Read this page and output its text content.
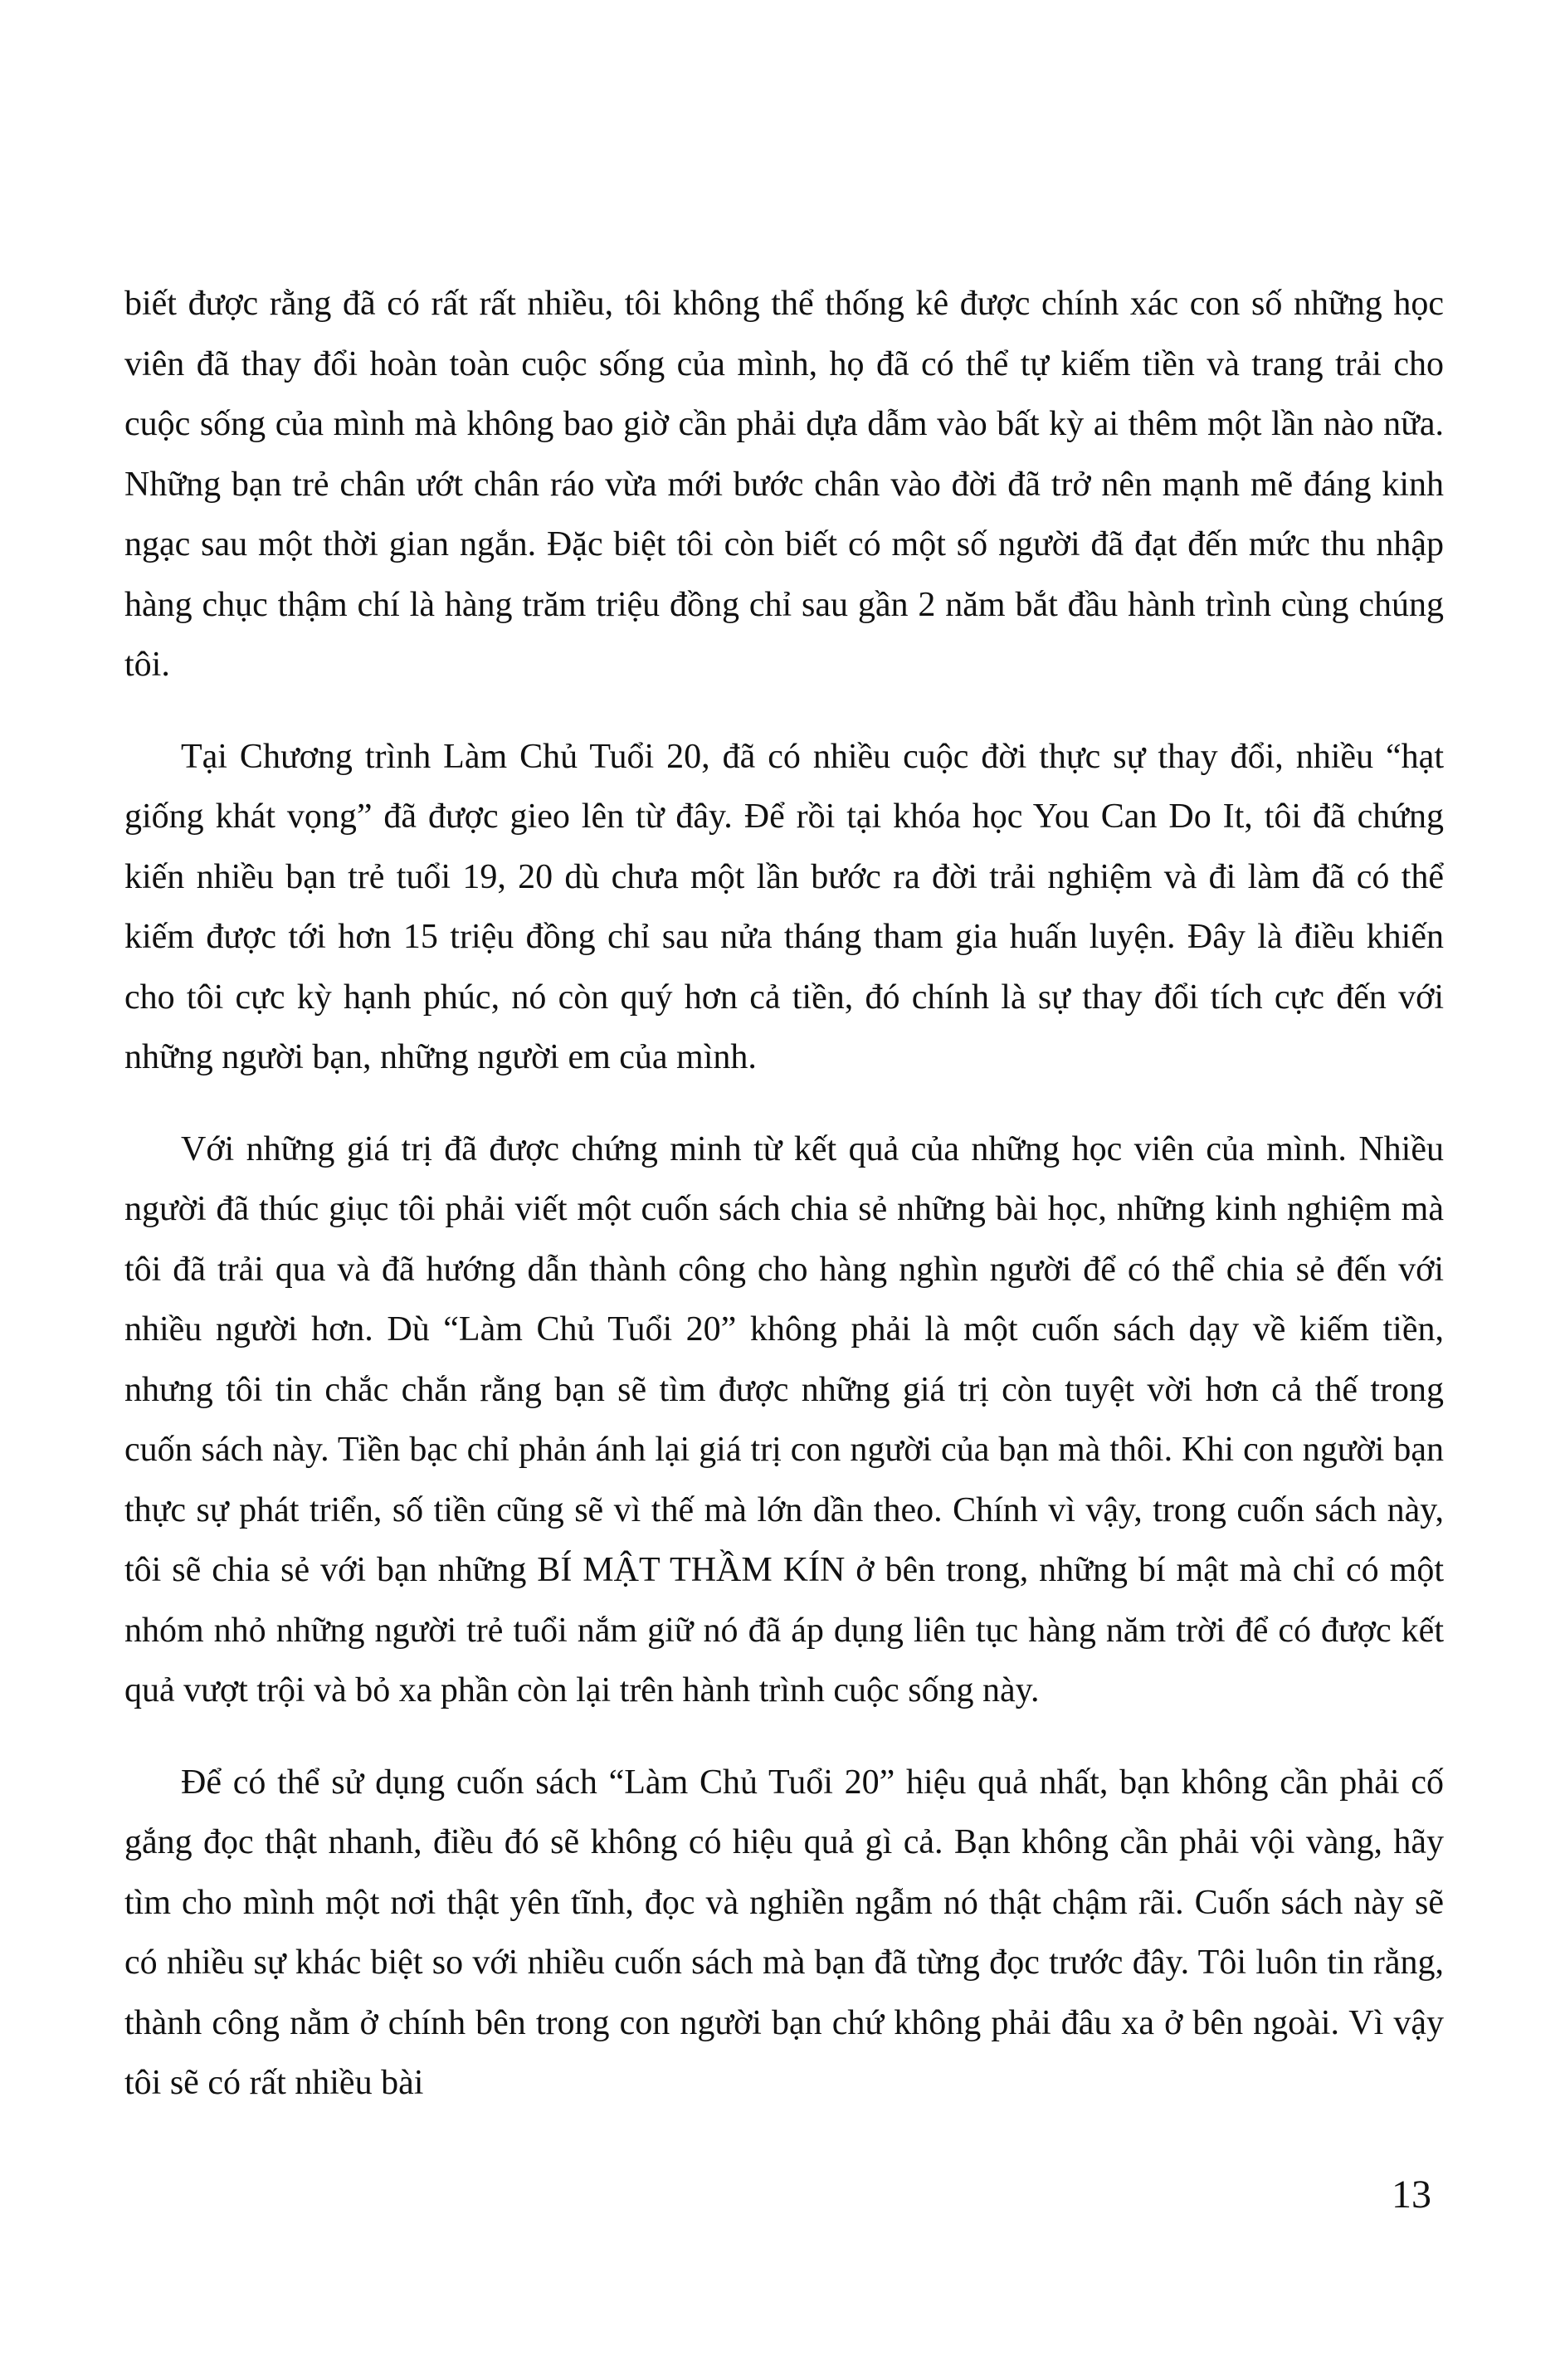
biết được rằng đã có rất rất nhiều, tôi không thể thống kê được chính xác con số những học viên đã thay đổi hoàn toàn cuộc sống của mình, họ đã có thể tự kiếm tiền và trang trải cho cuộc sống của mình mà không bao giờ cần phải dựa dẫm vào bất kỳ ai thêm một lần nào nữa. Những bạn trẻ chân ướt chân ráo vừa mới bước chân vào đời đã trở nên mạnh mẽ đáng kinh ngạc sau một thời gian ngắn. Đặc biệt tôi còn biết có một số người đã đạt đến mức thu nhập hàng chục thậm chí là hàng trăm triệu đồng chỉ sau gần 2 năm bắt đầu hành trình cùng chúng tôi.

Tại Chương trình Làm Chủ Tuổi 20, đã có nhiều cuộc đời thực sự thay đổi, nhiều “hạt giống khát vọng” đã được gieo lên từ đây. Để rồi tại khóa học You Can Do It, tôi đã chứng kiến nhiều bạn trẻ tuổi 19, 20 dù chưa một lần bước ra đời trải nghiệm và đi làm đã có thể kiếm được tới hơn 15 triệu đồng chỉ sau nửa tháng tham gia huấn luyện. Đây là điều khiến cho tôi cực kỳ hạnh phúc, nó còn quý hơn cả tiền, đó chính là sự thay đổi tích cực đến với những người bạn, những người em của mình.

Với những giá trị đã được chứng minh từ kết quả của những học viên của mình. Nhiều người đã thúc giục tôi phải viết một cuốn sách chia sẻ những bài học, những kinh nghiệm mà tôi đã trải qua và đã hướng dẫn thành công cho hàng nghìn người để có thể chia sẻ đến với nhiều người hơn. Dù “Làm Chủ Tuổi 20” không phải là một cuốn sách dạy về kiếm tiền, nhưng tôi tin chắc chắn rằng bạn sẽ tìm được những giá trị còn tuyệt vời hơn cả thế trong cuốn sách này. Tiền bạc chỉ phản ánh lại giá trị con người của bạn mà thôi. Khi con người bạn thực sự phát triển, số tiền cũng sẽ vì thế mà lớn dần theo. Chính vì vậy, trong cuốn sách này, tôi sẽ chia sẻ với bạn những BÍ MẬT THẦM KÍN ở bên trong, những bí mật mà chỉ có một nhóm nhỏ những người trẻ tuổi nắm giữ nó đã áp dụng liên tục hàng năm trời để có được kết quả vượt trội và bỏ xa phần còn lại trên hành trình cuộc sống này.

Để có thể sử dụng cuốn sách “Làm Chủ Tuổi 20” hiệu quả nhất, bạn không cần phải cố gắng đọc thật nhanh, điều đó sẽ không có hiệu quả gì cả. Bạn không cần phải vội vàng, hãy tìm cho mình một nơi thật yên tĩnh, đọc và nghiền ngẫm nó thật chậm rãi. Cuốn sách này sẽ có nhiều sự khác biệt so với nhiều cuốn sách mà bạn đã từng đọc trước đây. Tôi luôn tin rằng, thành công nằm ở chính bên trong con người bạn chứ không phải đâu xa ở bên ngoài. Vì vậy tôi sẽ có rất nhiều bài

13
